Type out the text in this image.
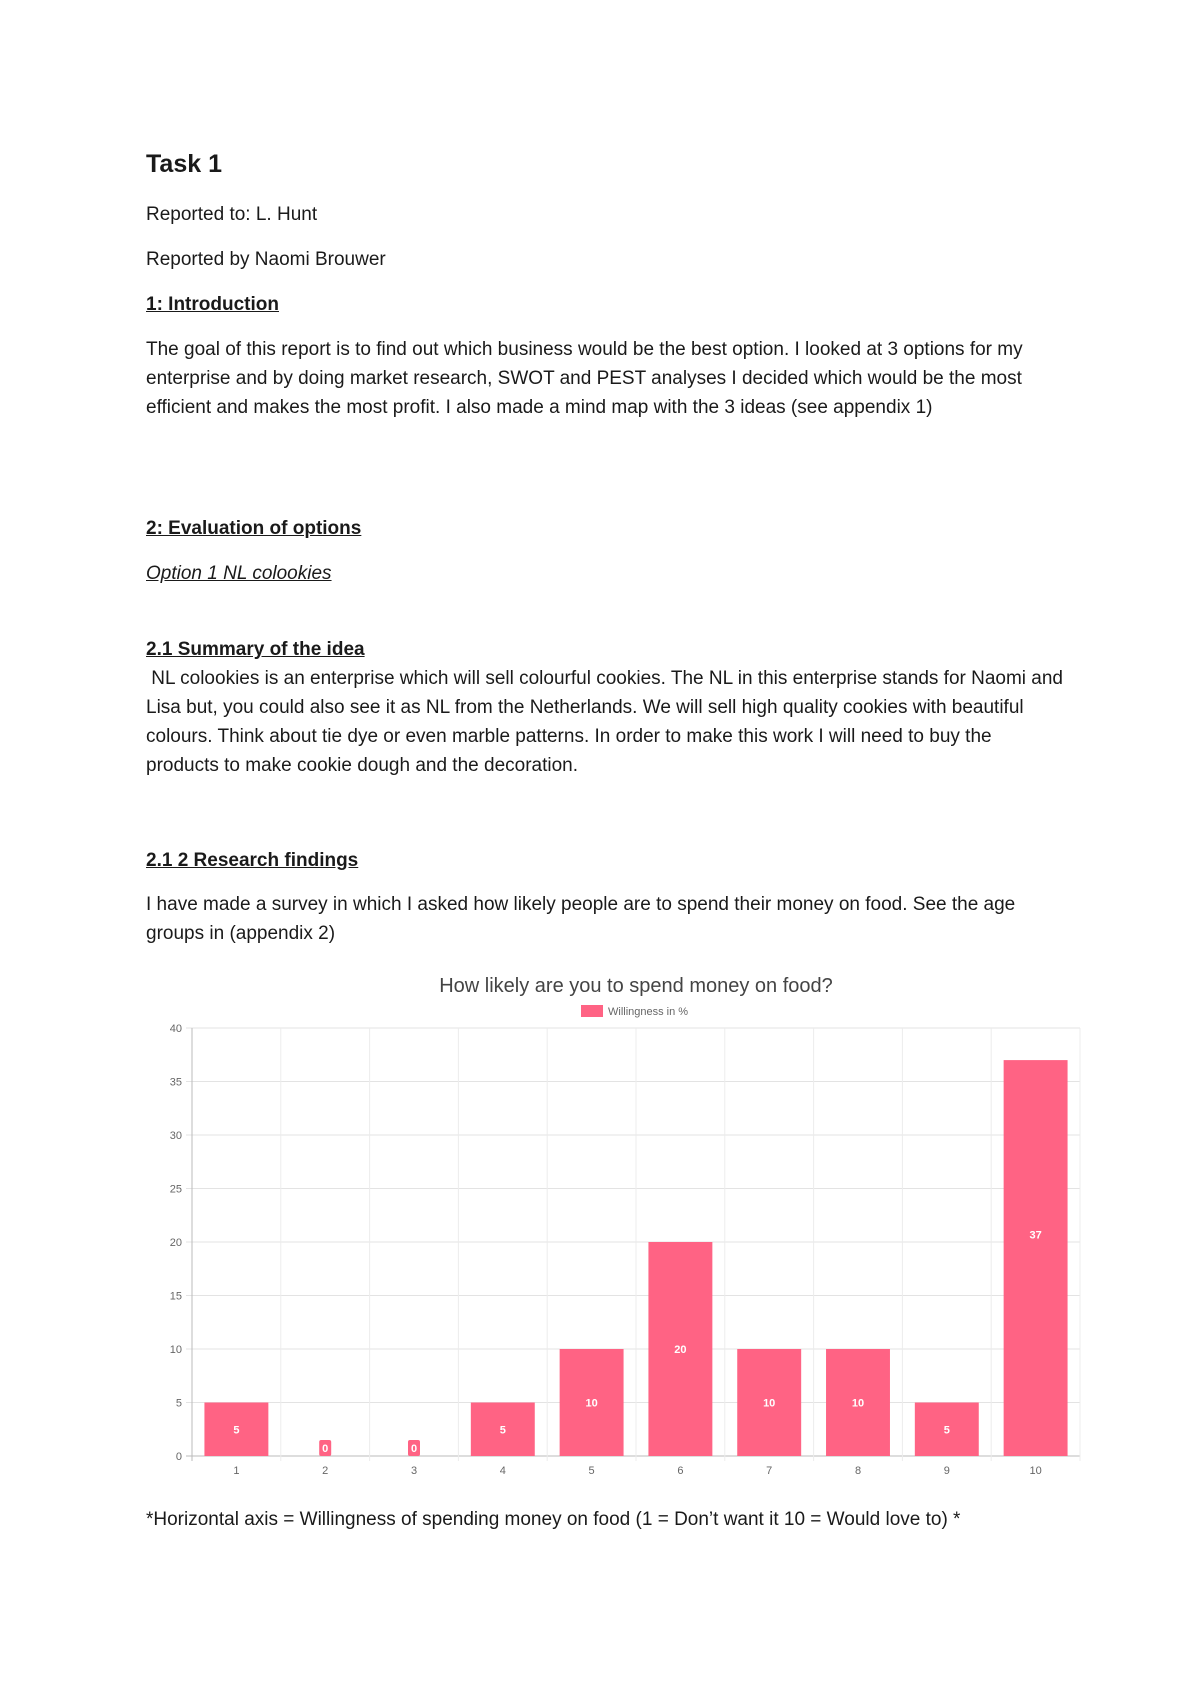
Task 1

Reported to: L. Hunt

Reported by Naomi Brouwer

1: Introduction

The goal of this report is to find out which business would be the best option. I looked at 3 options for my enterprise and by doing market research, SWOT and PEST analyses I decided which would be the most efficient and makes the most profit. I also made a mind map with the 3 ideas (see appendix 1)

2: Evaluation of options

Option 1 NL colookies

2.1 Summary of the idea

NL colookies is an enterprise which will sell colourful cookies. The NL in this enterprise stands for Naomi and Lisa but, you could also see it as NL from the Netherlands. We will sell high quality cookies with beautiful colours. Think about tie dye or even marble patterns. In order to make this work I will need to buy the products to make cookie dough and the decoration.

2.1 2 Research findings

I have made a survey in which I asked how likely people are to spend their money on food. See the age groups in (appendix 2)

How likely are you to spend money on food?
Willingness in %
0
5
10
15
20
25
30
35
40
1
5
2
0
3
0
4
5
5
10
6
20
7
10
8
10
9
5
10
37

*Horizontal axis = Willingness of spending money on food (1 = Don’t want it 10 = Would love to) *
